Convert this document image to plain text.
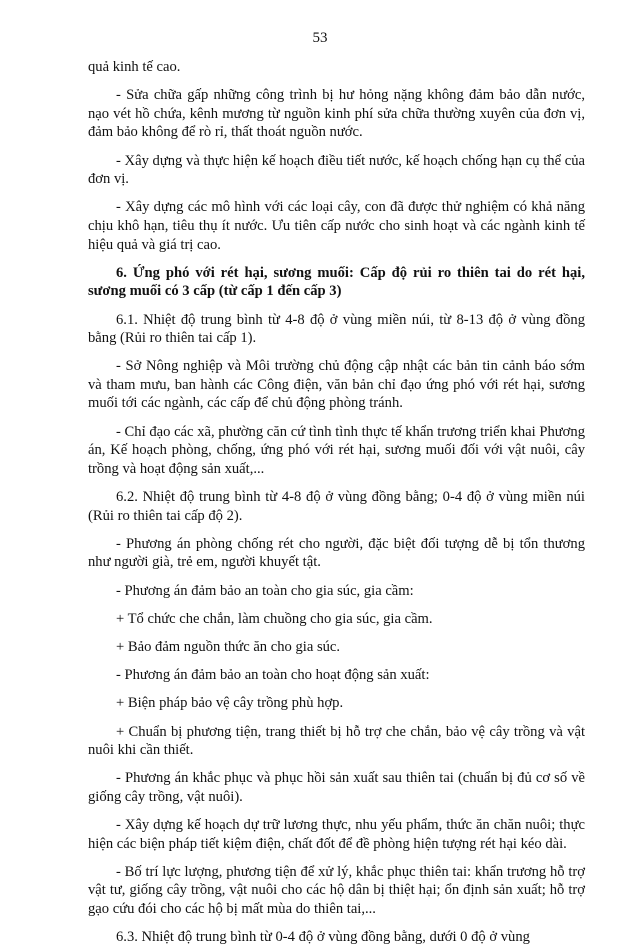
53

quả kinh tế cao.

- Sửa chữa gấp những công trình bị hư hỏng nặng không đảm bảo dẫn nước, nạo vét hồ chứa, kênh mương từ nguồn kinh phí sửa chữa thường xuyên của đơn vị, đảm bảo không để rò rỉ, thất thoát nguồn nước.

- Xây dựng và thực hiện kế hoạch điều tiết nước, kế hoạch chống hạn cụ thể của đơn vị.

- Xây dựng các mô hình với các loại cây, con đã được thử nghiệm có khả năng chịu khô hạn, tiêu thụ ít nước. Ưu tiên cấp nước cho sinh hoạt và các ngành kinh tế hiệu quả và giá trị cao.

6. Ứng phó với rét hại, sương muối: Cấp độ rủi ro thiên tai do rét hại, sương muối có 3 cấp (từ cấp 1 đến cấp 3)

6.1. Nhiệt độ trung bình từ 4-8 độ ở vùng miền núi, từ 8-13 độ ở vùng đồng bằng (Rủi ro thiên tai cấp 1).

- Sở Nông nghiệp và Môi trường chủ động cập nhật các bản tin cảnh báo sớm và tham mưu, ban hành các Công điện, văn bản chỉ đạo ứng phó với rét hại, sương muối tới các ngành, các cấp để chủ động phòng tránh.

- Chỉ đạo các xã, phường căn cứ tình tình thực tế khẩn trương triển khai Phương án, Kế hoạch phòng, chống, ứng phó với rét hại, sương muối đối với vật nuôi, cây trồng và hoạt động sản xuất,...

6.2. Nhiệt độ trung bình từ 4-8 độ ở vùng đồng bằng; 0-4 độ ở vùng miền núi (Rủi ro thiên tai cấp độ 2).

- Phương án phòng chống rét cho người, đặc biệt đối tượng dễ bị tổn thương như người già, trẻ em, người khuyết tật.

- Phương án đảm bảo an toàn cho gia súc, gia cầm:

+ Tổ chức che chắn, làm chuồng cho gia súc, gia cầm.

+ Bảo đảm nguồn thức ăn cho gia súc.

- Phương án đảm bảo an toàn cho hoạt động sản xuất:

+ Biện pháp bảo vệ cây trồng phù hợp.

+ Chuẩn bị phương tiện, trang thiết bị hỗ trợ che chắn, bảo vệ cây trồng và vật nuôi khi cần thiết.

- Phương án khắc phục và phục hồi sản xuất sau thiên tai (chuẩn bị đủ cơ số về giống cây trồng, vật nuôi).

- Xây dựng kế hoạch dự trữ lương thực, nhu yếu phẩm, thức ăn chăn nuôi; thực hiện các biện pháp tiết kiệm điện, chất đốt để đề phòng hiện tượng rét hại kéo dài.

- Bố trí lực lượng, phương tiện để xử lý, khắc phục thiên tai: khẩn trương hỗ trợ vật tư, giống cây trồng, vật nuôi cho các hộ dân bị thiệt hại; ổn định sản xuất; hỗ trợ gạo cứu đói cho các hộ bị mất mùa do thiên tai,...

6.3. Nhiệt độ trung bình từ 0-4 độ ở vùng đồng bằng, dưới 0 độ ở vùng
